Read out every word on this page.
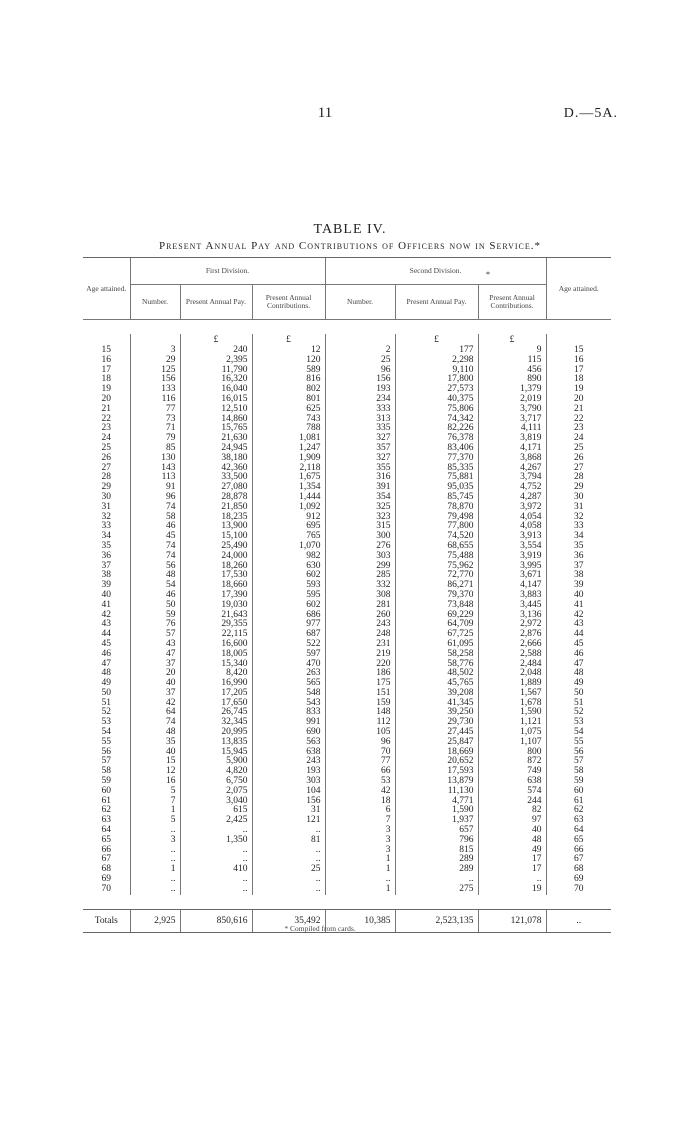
11	D.—5A.
TABLE IV.
Present Annual Pay and Contributions of Officers now in Service.*
*
Age attained.	First Division.			Second Division.			Age attained.
	Number.	Present Annual Pay.	Present Annual Contributions.	Number.	Present Annual Pay.	Present Annual Contributions.	

		£	£		£	£	
15	3	240	12	2	177	9	15
16	29	2,395	120	25	2,298	115	16
17	125	11,790	589	96	9,110	456	17
18	156	16,320	816	156	17,800	890	18
19	133	16,040	802	193	27,573	1,379	19
20	116	16,015	801	234	40,375	2,019	20
21	77	12,510	625	333	75,806	3,790	21
22	73	14,860	743	313	74,342	3,717	22
23	71	15,765	788	335	82,226	4,111	23
24	79	21,630	1,081	327	76,378	3,819	24
25	85	24,945	1,247	357	83,406	4,171	25
26	130	38,180	1,909	327	77,370	3,868	26
27	143	42,360	2,118	355	85,335	4,267	27
28	113	33,500	1,675	316	75,881	3,794	28
29	91	27,080	1,354	391	95,035	4,752	29
30	96	28,878	1,444	354	85,745	4,287	30
31	74	21,850	1,092	325	78,870	3,972	31
32	58	18,235	912	323	79,498	4,054	32
33	46	13,900	695	315	77,800	4,058	33
34	45	15,100	765	300	74,520	3,913	34
35	74	25,490	1,070	276	68,655	3,554	35
36	74	24,000	982	303	75,488	3,919	36
37	56	18,260	630	299	75,962	3,995	37
38	48	17,530	602	285	72,770	3,671	38
39	54	18,660	593	332	86,271	4,147	39
40	46	17,390	595	308	79,370	3,883	40
41	50	19,030	602	281	73,848	3,445	41
42	59	21,643	686	260	69,229	3,136	42
43	76	29,355	977	243	64,709	2,972	43
44	57	22,115	687	248	67,725	2,876	44
45	43	16,600	522	231	61,095	2,666	45
46	47	18,005	597	219	58,258	2,588	46
47	37	15,340	470	220	58,776	2,484	47
48	20	8,420	263	186	48,502	2,048	48
49	40	16,990	565	175	45,765	1,889	49
50	37	17,205	548	151	39,208	1,567	50
51	42	17,650	543	159	41,345	1,678	51
52	64	26,745	833	148	39,250	1,590	52
53	74	32,345	991	112	29,730	1,121	53
54	48	20,995	690	105	27,445	1,075	54
55	35	13,835	563	96	25,847	1,107	55
56	40	15,945	638	70	18,669	800	56
57	15	5,900	243	77	20,652	872	57
58	12	4,820	193	66	17,593	749	58
59	16	6,750	303	53	13,879	638	59
60	5	2,075	104	42	11,130	574	60
61	7	3,040	156	18	4,771	244	61
62	1	615	31	6	1,590	82	62
63	5	2,425	121	7	1,937	97	63
64	..	..	..	3	657	40	64
65	3	1,350	81	3	796	48	65
66	..	..	..	3	815	49	66
67	..	..	..	1	289	17	67
68	1	410	25	1	289	17	68
69	..	..	..	..	..	..	69
70	..	..	..	1	275	19	70

Totals	2,925	850,616	35,492	10,385	2,523,135	121,078	..
* Compiled from cards.
